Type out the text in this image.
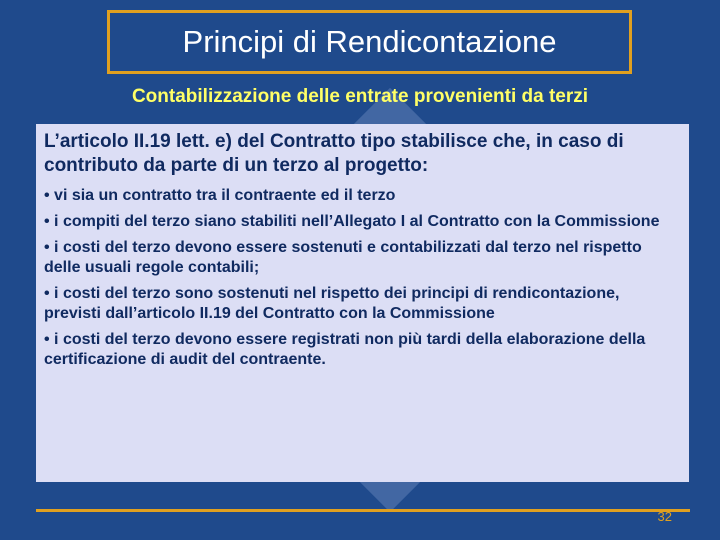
Principi di Rendicontazione
Contabilizzazione delle entrate provenienti da terzi
L’articolo II.19 lett. e) del Contratto tipo stabilisce che, in caso di contributo da parte di un terzo al progetto:

• vi sia un contratto tra il contraente ed il terzo

• i compiti del terzo siano stabiliti nell’Allegato I al Contratto con la Commissione

• i costi del terzo devono essere sostenuti e contabilizzati dal terzo nel rispetto delle usuali regole contabili;

• i costi del terzo sono sostenuti nel rispetto dei principi di rendicontazione, previsti dall’articolo II.19 del Contratto con la Commissione

• i costi del terzo devono essere registrati non più tardi della elaborazione della certificazione di audit del contraente.

32
